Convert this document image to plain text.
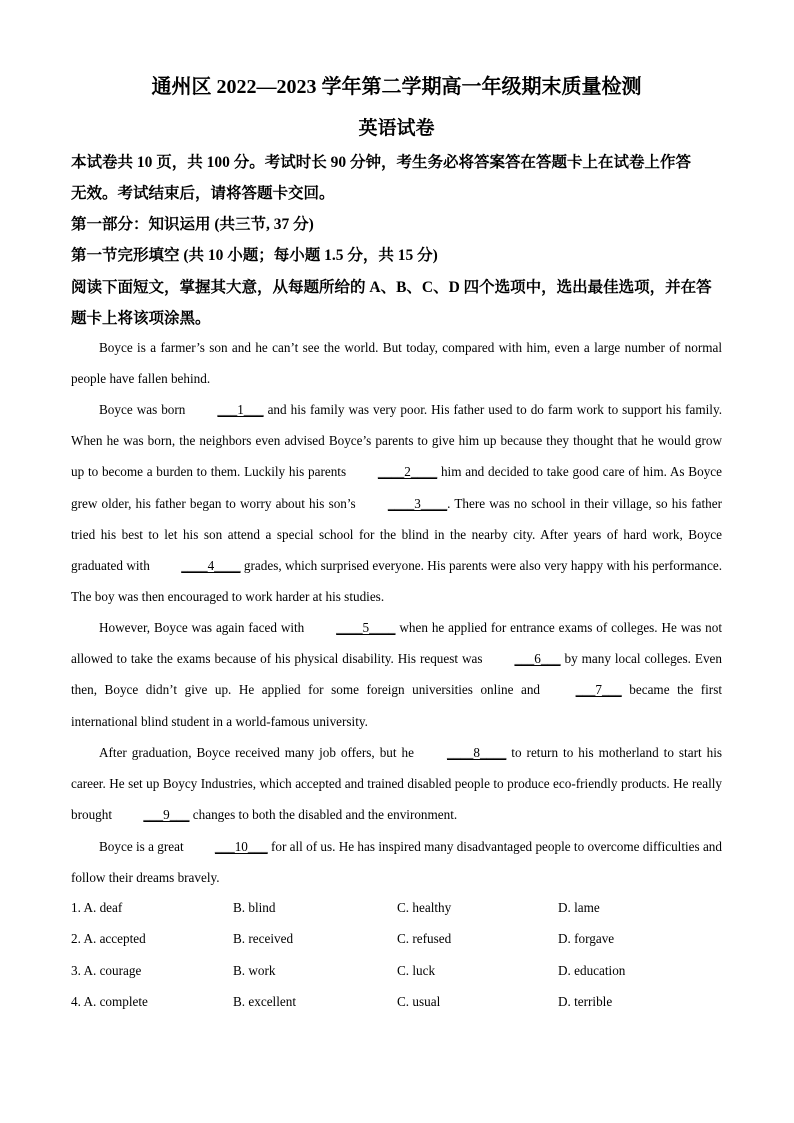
通州区 2022—2023 学年第二学期高一年级期末质量检测
英语试卷
本试卷共 10 页，共 100 分。考试时长 90 分钟，考生务必将答案答在答题卡上在试卷上作答
无效。考试结束后，请将答题卡交回。
第一部分：知识运用 (共三节, 37 分)
第一节完形填空 (共 10 小题；每小题 1.5 分，共 15 分)
阅读下面短文，掌握其大意，从每题所给的 A、B、C、D 四个选项中，选出最佳选项，并在答
题卡上将该项涂黑。
Boyce is a farmer’s son and he can’t see the world. But today, compared with him, even a large number of normal people have fallen behind.
Boyce was born ___1___ and his family was very poor. His father used to do farm work to support his family. When he was born, the neighbors even advised Boyce’s parents to give him up because they thought that he would grow up to become a burden to them. Luckily his parents ____2____ him and decided to take good care of him. As Boyce grew older, his father began to worry about his son’s ____3____. There was no school in their village, so his father tried his best to let his son attend a special school for the blind in the nearby city. After years of hard work, Boyce graduated with ____4____ grades, which surprised everyone. His parents were also very happy with his performance. The boy was then encouraged to work harder at his studies.
However, Boyce was again faced with ____5____ when he applied for entrance exams of colleges. He was not allowed to take the exams because of his physical disability. His request was ___6___ by many local colleges. Even then, Boyce didn’t give up. He applied for some foreign universities online and ___7___ became the first international blind student in a world-famous university.
After graduation, Boyce received many job offers, but he ____8____ to return to his motherland to start his career. He set up Boycy Industries, which accepted and trained disabled people to produce eco-friendly products. He really brought ___9___ changes to both the disabled and the environment.
Boyce is a great ___10___ for all of us. He has inspired many disadvantaged people to overcome difficulties and follow their dreams bravely.
1. A. deaf	B. blind	C. healthy	D. lame
2. A. accepted	B. received	C. refused	D. forgave
3. A. courage	B. work	C. luck	D. education
4. A. complete	B. excellent	C. usual	D. terrible
